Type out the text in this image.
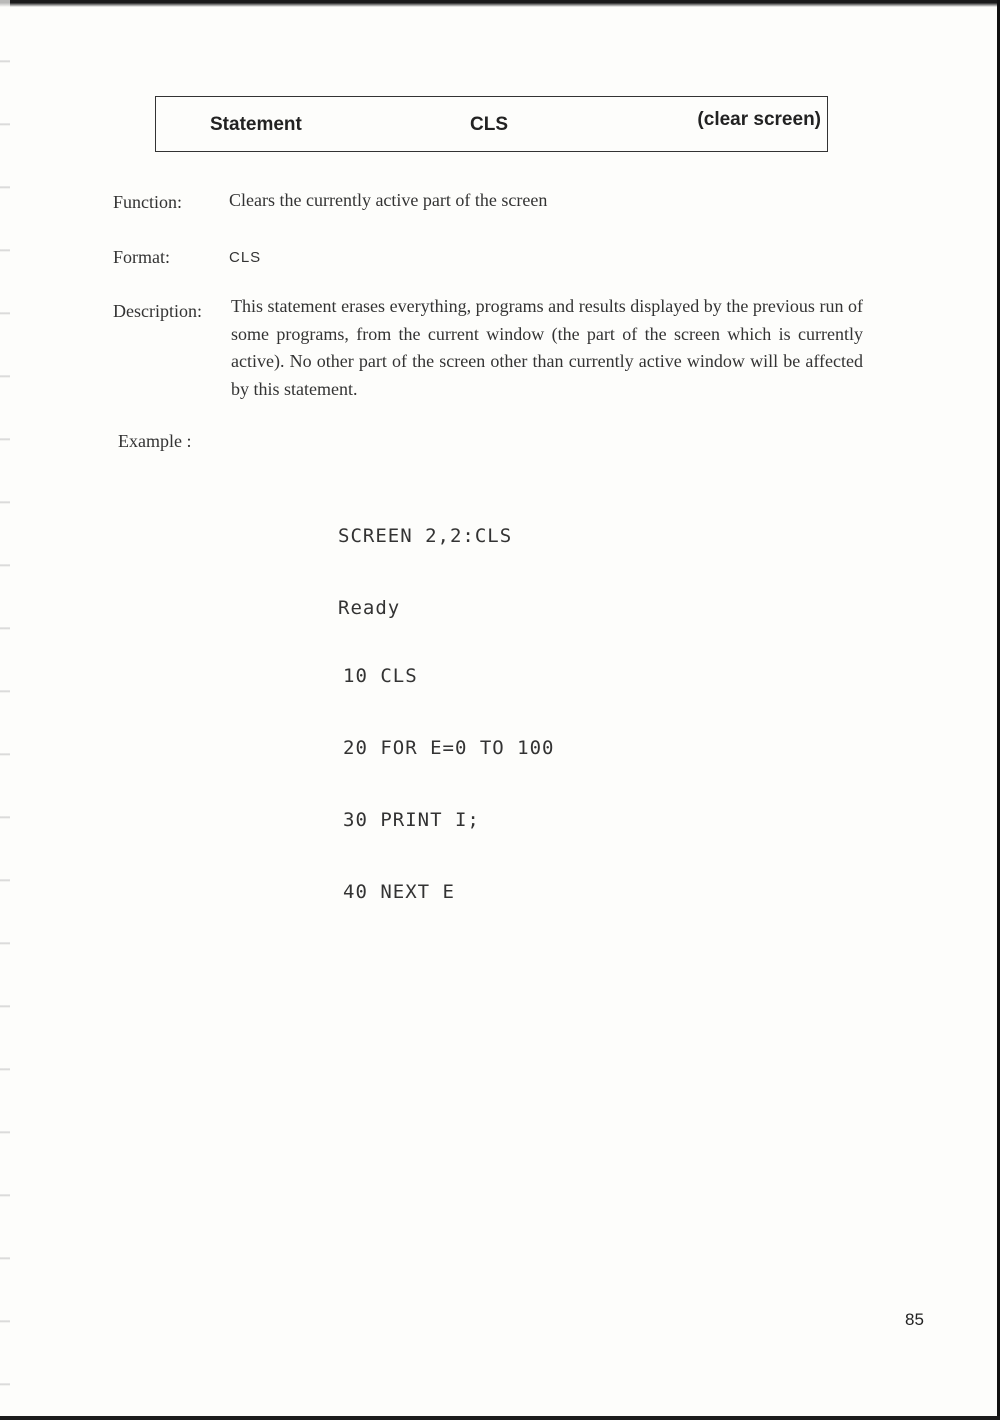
Statement	CLS	(clear screen)
Function:	Clears the currently active part of the screen
Format:	CLS
Description: This statement erases everything, programs and results displayed by the previous run of some programs, from the current window (the part of the screen which is currently active). No other part of the screen other than currently active window will be affected by this statement.
Example :

SCREEN 2,2:CLS

Ready

10 CLS

20 FOR E=0 TO 100

30 PRINT I;

40 NEXT E

85
